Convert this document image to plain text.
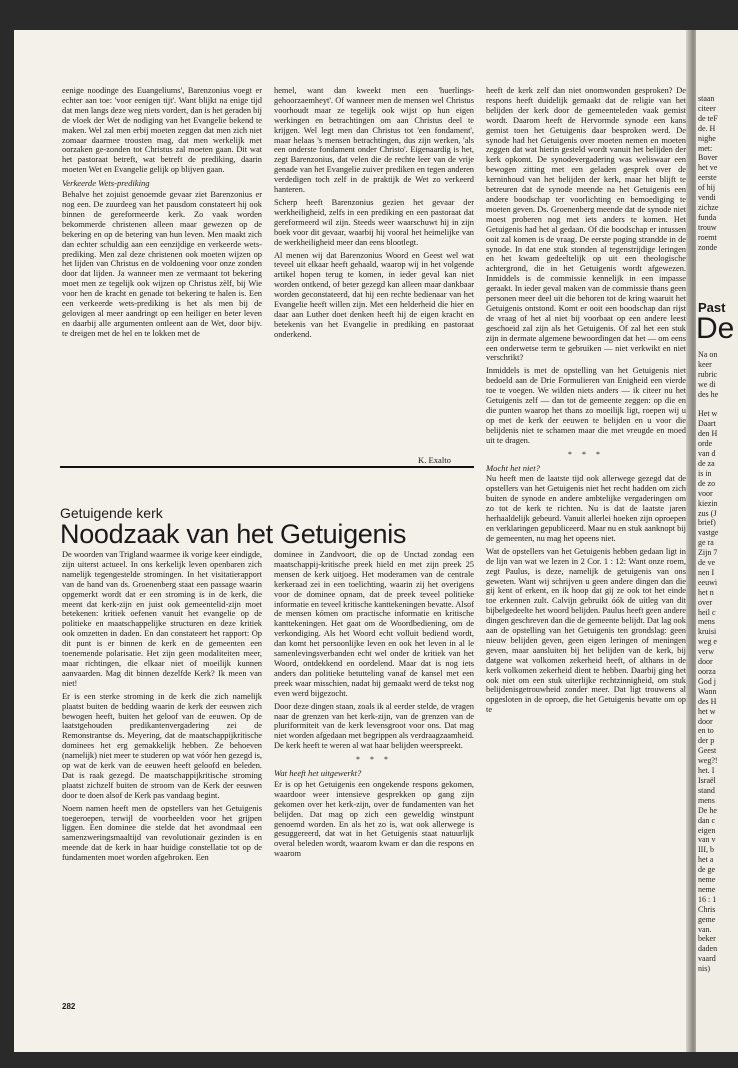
eenige noodinge des Euangeliums', Barenzonius voegt er echter aan toe: 'voor eenigen tijt'. Want blijkt na enige tijd dat men langs deze weg niets vordert, dan is het geraden bij de vloek der Wet de nodiging van het Evangelie bekend te maken. Wel zal men erbij moeten zeggen dat men zich niet zomaar daarmee troosten mag, dat men werkelijk met oorzaken ge-zonden tot Christus zal moeten gaan. Dit wat het pastoraat betreft, wat betreft de prediking, daarin moeten Wet en Evangelie gelijk op blijven gaan.

Verkeerde Wets-prediking

Behalve het zojuist genoemde gevaar ziet Barenzonius er nog een. De zuurdeeg van het pausdom constateert hij ook binnen de gereformeerde kerk. Zo vaak worden bekommerde christenen alleen maar gewezen op de bekering en op de betering van hun leven. Men maakt zich dan echter schuldig aan een eenzijdige en verkeerde wets-prediking. Men zal deze christenen ook moeten wijzen op het lijden van Christus en de voldoening voor onze zonden door dat lijden. Ja wanneer men ze vermaant tot bekering moet men ze tegelijk ook wijzen op Christus zèlf, bij Wie voor hen de kracht en genade tot bekering te halen is. Een een verkeerde wets-prediking is het als men bij de gelovigen al meer aandringt op een heiliger en beter leven en daarbij alle argumenten ontleent aan de Wet, door bijv. te dreigen met de hel en te lokken met de

hemel, want dan kweekt men een 'huerlings-gehoorzaemheyt'. Of wanneer men de mensen wel Christus voorhoudt maar ze tegelijk ook wijst op hun eigen werkingen en betrachtingen om aan Christus deel te krijgen. Wel legt men dan Christus tot 'een fondament', maar helaas 's mensen betrachtingen, dus zijn werken, 'als een onderste fondament onder Christo'. Eigenaardig is het, zegt Barenzonius, dat velen die de rechte leer van de vrije genade van het Evangelie zuiver prediken en tegen anderen verdedigen toch zelf in de praktijk de Wet zo verkeerd hanteren.

Scherp heeft Barenzonius gezien het gevaar der werkheiligheid, zelfs in een prediking en een pastoraat dat gereformeerd wil zijn. Steeds weer waarschuwt hij in zijn boek voor dit gevaar, waarbij hij vooral het heimelijke van de werkheiligheid meer dan eens blootlegt.

Al menen wij dat Barenzonius Woord en Geest wel wat teveel uit elkaar heeft gehaald, waarop wij in het volgende artikel hopen terug te komen, in ieder geval kan niet worden ontkend, of beter gezegd kan alleen maar dankbaar worden geconstateerd, dat hij een rechte bedienaar van het Evangelie heeft willen zijn. Met een helderheid die hier en daar aan Luther doet denken heeft hij de eigen kracht en betekenis van het Evangelie in prediking en pastoraat onderkend.

K. Exalto
Getuigende kerk
Noodzaak van het Getuigenis

De woorden van Trigland waarmee ik vorige keer eindigde, zijn uiterst actueel. In ons kerkelijk leven openbaren zich namelijk tegengestelde stromingen. In het visitatierapport van de hand van ds. Groenenberg staat een passage waarin opgemerkt wordt dat er een stroming is in de kerk, die meent dat kerk-zijn en juist ook gemeentelid-zijn moet betekenen: kritiek oefenen vanuit het evangelie op de politieke en maatschappelijke structuren en deze kritiek ook omzetten in daden. En dan constateert het rapport: Op dit punt is er binnen de kerk en de gemeenten een toenemende polarisatie. Het zijn geen modaliteiten meer, maar richtingen, die elkaar niet of moeilijk kunnen aanvaarden. Mag dit binnen dezelfde Kerk? Ik meen van niet!

Er is een sterke stroming in de kerk die zich namelijk plaatst buiten de bedding waarin de kerk der eeuwen zich bewogen heeft, buiten het geloof van de eeuwen. Op de laatstgehouden predikantenvergadering zei de Remonstrantse ds. Meyering, dat de maatschappijkritische dominees het erg gemakkelijk hebben. Ze behoeven (namelijk) niet meer te studeren op wat vóór hen gezegd is, op wat de kerk van de eeuwen heeft geloofd en beleden. Dat is raak gezegd. De maatschappijkritische stroming plaatst zichzelf buiten de stroom van de Kerk der eeuwen door te doen alsof de Kerk pas vandaag begint.

Noem namen heeft men de opstellers van het Getuigenis toegeroepen, terwijl de voorbeelden voor het grijpen liggen. Een dominee die stelde dat het avondmaal een samenzweringsmaaltijd van revolutionair gezinden is en meende dat de kerk in haar huidige constellatie tot op de fundamenten moet worden afgebroken. Een

dominee in Zandvoort, die op de Unctad zondag een maatschappij-kritische preek hield en met zijn preek 25 mensen de kerk uitjoeg. Het moderamen van de centrale kerkeraad zei in een toelichting, waarin zij het overigens voor de dominee opnam, dat de preek teveel politieke informatie en teveel kritische kanttekeningen bevatte. Alsof de mensen kómen om practische informatie en kritische kanttekeningen. Het gaat om de Woordbediening, om de verkondiging. Als het Woord echt volluit bediend wordt, dan komt het persoonlijke leven en ook het leven in al le samenlevingsverbanden echt wel onder de kritiek van het Woord, ontdekkend en oordelend. Maar dat is nog iets anders dan politieke betutteling vanaf de kansel met een preek waar misschien, nadat hij gemaakt werd de tekst nog even werd bijgezocht.

Door deze dingen staan, zoals ik al eerder stelde, de vragen naar de grenzen van het kerk-zijn, van de grenzen van de pluriformiteit van de kerk levensgroot voor ons. Dat mag niet worden afgedaan met begrippen als verdraagzaamheid. De kerk heeft te weren al wat haar belijden weerspreekt.

* * *
Wat heeft het uitgewerkt?

Er is op het Getuigenis een ongekende respons gekomen, waardoor weer intensieve gesprekken op gang zijn gekomen over het kerk-zijn, over de fundamenten van het belijden. Dat mag op zich een geweldig winstpunt genoemd worden. En als het zo is, wat ook allerwege is gesuggereerd, dat wat in het Getuigenis staat natuurlijk overal beleden wordt, waarom kwam er dan die respons en waarom

heeft de kerk zelf dan niet onomwonden gesproken? De respons heeft duidelijk gemaakt dat de religie van het belijden der kerk door de gemeenteleden vaak gemist wordt. Daarom heeft de Hervormde synode een kans gemist toen het Getuigenis daar besproken werd. De synode had het Getuigenis over moeten nemen en moeten zeggen dat wat hierin gesteld wordt vanuit het belijden der kerk opkomt. De synodevergadering was weliswaar een bewogen zitting met een geladen gesprek over de kerninhoud van het belijden der kerk, maar het blijft te betreuren dat de synode meende na het Getuigenis een andere boodschap ter voorlichting en bemoediging te moeten geven. Ds. Groenenberg meende dat de synode niet moest proberen nog met iets anders te komen. Het Getuigenis had het al gedaan. Of die boodschap er intussen ooit zal komen is de vraag. De eerste poging strandde in de synode. In dat ene stuk stonden al tegenstrijdige leringen en het kwam gedeeltelijk op uit een theologische achtergrond, die in het Getuigenis wordt afgewezen. Inmiddels is de commissie kennelijk in een impasse geraakt. In ieder geval maken van de commissie thans geen personen meer deel uit die behoren tot de kring waaruit het Getuigenis ontstond. Komt er ooit een boodschap dan rijst de vraag of het al niet bij voorbaat op een andere leest geschoeid zal zijn als het Getuigenis. Of zal het een stuk zijn in dermate algemene bewoordingen dat het — om eens een onderwetse term te gebruiken — niet verkwikt en niet verschrikt?

Inmiddels is met de opstelling van het Getuigenis niet bedoeld aan de Drie Formulieren van Enigheid een vierde toe te voegen. We wilden niets anders — ik citeer nu het Getuigenis zelf — dan tot de gemeente zeggen: op die en die punten waarop het thans zo moeilijk ligt, roepen wij u op met de kerk der eeuwen te belijden en u voor die belijdenis niet te schamen maar die met vreugde en moed uit te dragen.

* * *
Mocht het niet?

Nu heeft men de laatste tijd ook allerwege gezegd dat de opstellers van het Getuigenis niet het recht hadden om zich buiten de synode en andere ambtelijke vergaderingen om zo tot de kerk te richten. Nu is dat de laatste jaren herhaaldelijk gebeurd. Vanuit allerlei hoeken zijn oproepen en verklaringen gepubliceerd. Maar nu en stuk aanknopt bij de gemeenten, nu mag het opeens niet.

Wat de opstellers van het Getuigenis hebben gedaan ligt in de lijn van wat we lezen in 2 Cor. 1 : 12: Want onze roem, zegt Paulus, is deze, namelijk de getuigenis van ons geweten. Want wij schrijven u geen andere dingen dan die gij kent of erkent, en ik hoop dat gij ze ook tot het einde toe erkennen zult. Calvijn gebruikt óók de uitleg van dit bijbelgedeelte het woord belijden. Paulus heeft geen andere dingen geschreven dan die de gemeente belijdt. Dat lag ook aan de opstelling van het Getuigenis ten grondslag: geen nieuw belijden geven, geen eigen leringen of meningen geven, maar aansluiten bij het belijden van de kerk, bij datgene wat volkomen zekerheid heeft, of althans in de kerk volkomen zekerheid dient te hebben. Daarbij ging het ook niet om een stuk uiterlijke rechtzinnigheid, om stuk belijdenisgetrouwheid zonder meer. Dat ligt trouwens al opgesloten in de oproep, die het Getuigenis bevatte om op te

282
staan
citeer
de teF
de. H
nighe
met:
Bover
het ve
eerste
of hij
vendi
zichze
funda
trouw
roemt
zonde
Past
De
Na on
keer
rubric
we di
des he

Het w
Daart
den H
orde
van d
de za
is in
de zo
voor
kiezin
zus (J
brief)
vastge
ge ra
Zijn 7
de ve
nen I
eeuwi
het n
over
heil c
mens
kruisi
weg e
verw
door
oorza
God j
Wann
des H
het w
door
en to
der p
Geest
weg?!
het. I
Israël
stand
mens
De he
dan c
eigen
van v
III, b
het a
de ge
neme
neme
16 : 1
Chris
geme
van.
beker
daden
vaard
nis)
